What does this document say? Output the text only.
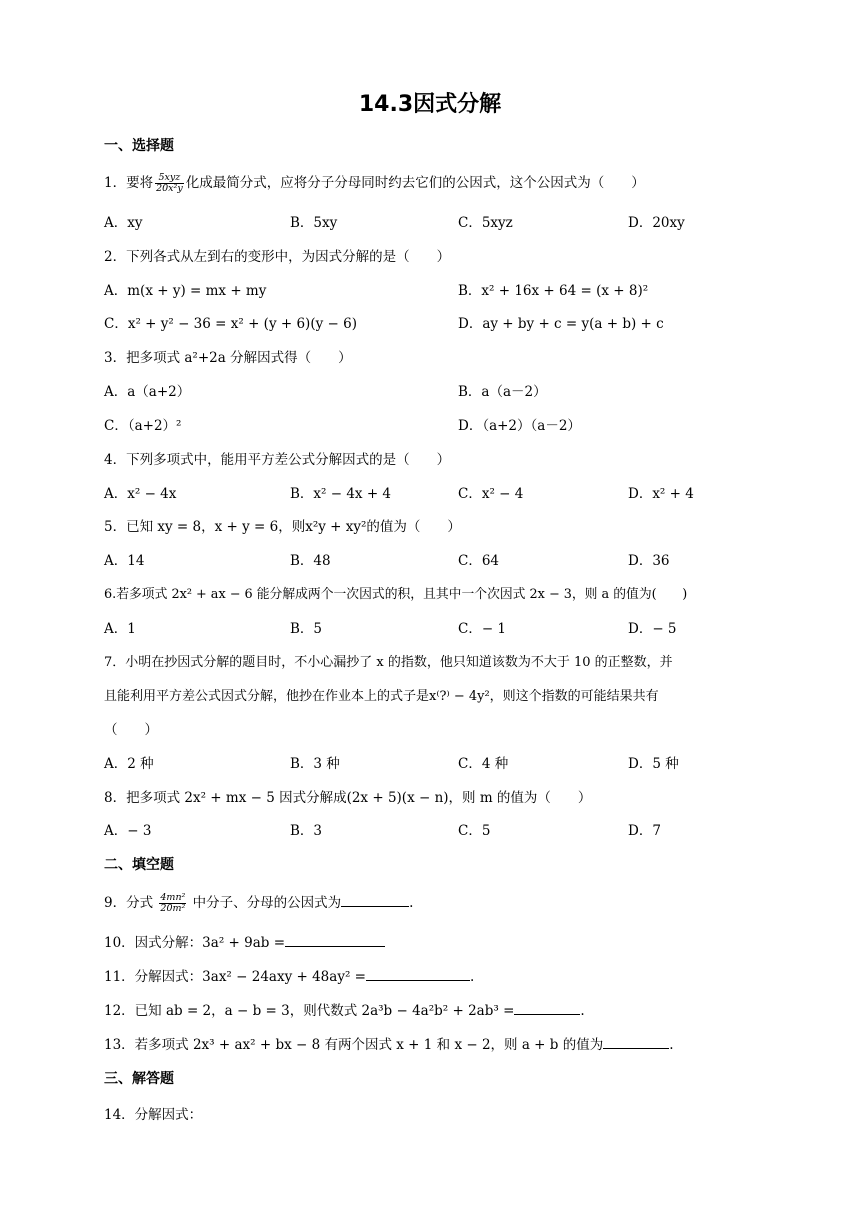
14.3因式分解
一、选择题
1．要将 $\frac{\text{5xyz}}{\text{20x²y}}$ 化成最简分式，应将分子分母同时约去它们的公因式，这个公因式为（　　）
A．xy	B．5xy	C．5xyz	D．20xy
2．下列各式从左到右的变形中，为因式分解的是（　　）
A．m(x + y) = mx + my	B．x² + 16x + 64 = (x + 8)²
C．x² + y² − 36 = x² + (y + 6)(y − 6)	D．ay + by + c = y(a + b) + c
3．把多项式 a²+2a 分解因式得（　　）
A．a（a+2）	B．a（a－2）
C．（a+2）²	D．（a+2）（a－2）
4．下列多项式中，能用平方差公式分解因式的是（　　）
A．x² − 4x	B．x² − 4x + 4	C．x² − 4	D．x² + 4
5．已知 xy = 8，x + y = 6，则x²y + xy²的值为（　　）
A．14	B．48	C．64	D．36
6.若多项式 2x² + ax − 6 能分解成两个一次因式的积，且其中一个次因式 2x − 3，则 a 的值为(　　)
A．1	B．5	C．− 1	D．− 5
7．小明在抄因式分解的题目时，不小心漏抄了 x 的指数，他只知道该数为不大于 10 的正整数，并
且能利用平方差公式因式分解，他抄在作业本上的式子是x⁽?⁾ − 4y²，则这个指数的可能结果共有
（　　）
A．2 种	B．3 种	C．4 种	D．5 种
8．把多项式 2x² + mx − 5 因式分解成(2x + 5)(x − n)，则 m 的值为（　　）
A．− 3	B．3	C．5	D．7
二、填空题
9．分式 $\frac{\text{4mn²}}{\text{20m²}}$ 中分子、分母的公因式为	.
10．因式分解：3a² + 9ab =
11．分解因式：3ax² − 24axy + 48ay² =	.
12．已知 ab = 2，a − b = 3，则代数式 2a³b − 4a²b² + 2ab³ =	.
13．若多项式 2x³ + ax² + bx − 8 有两个因式 x + 1 和 x − 2，则 a + b 的值为	.
三、解答题
14．分解因式：
